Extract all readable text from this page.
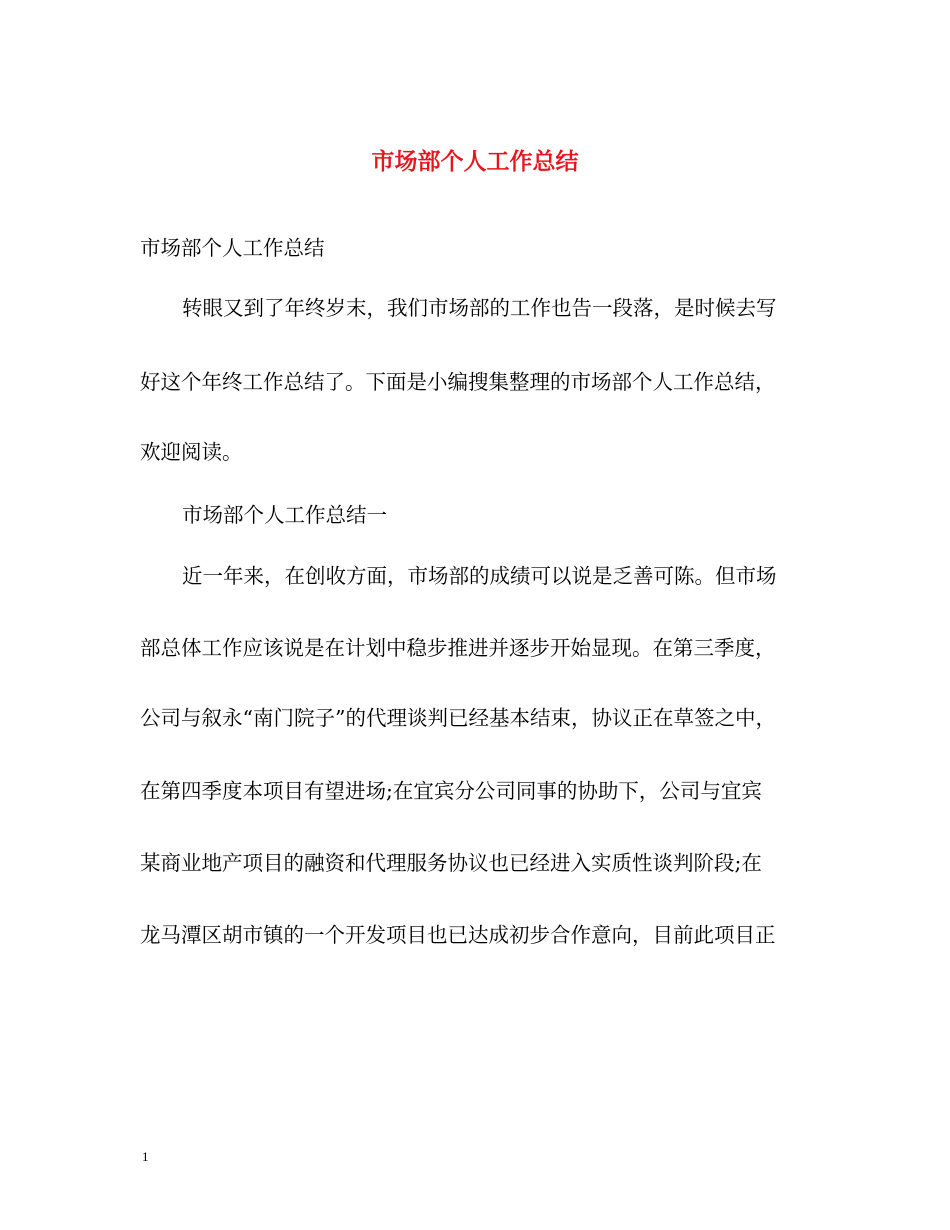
市场部个人工作总结
市场部个人工作总结
转眼又到了年终岁末，我们市场部的工作也告一段落，是时候去写
好这个年终工作总结了。下面是小编搜集整理的市场部个人工作总结，
欢迎阅读。
市场部个人工作总结一
近一年来，在创收方面，市场部的成绩可以说是乏善可陈。但市场
部总体工作应该说是在计划中稳步推进并逐步开始显现。在第三季度，
公司与叙永“南门院子”的代理谈判已经基本结束，协议正在草签之中，
在第四季度本项目有望进场;在宜宾分公司同事的协助下，公司与宜宾
某商业地产项目的融资和代理服务协议也已经进入实质性谈判阶段;在
龙马潭区胡市镇的一个开发项目也已达成初步合作意向，目前此项目正
1
